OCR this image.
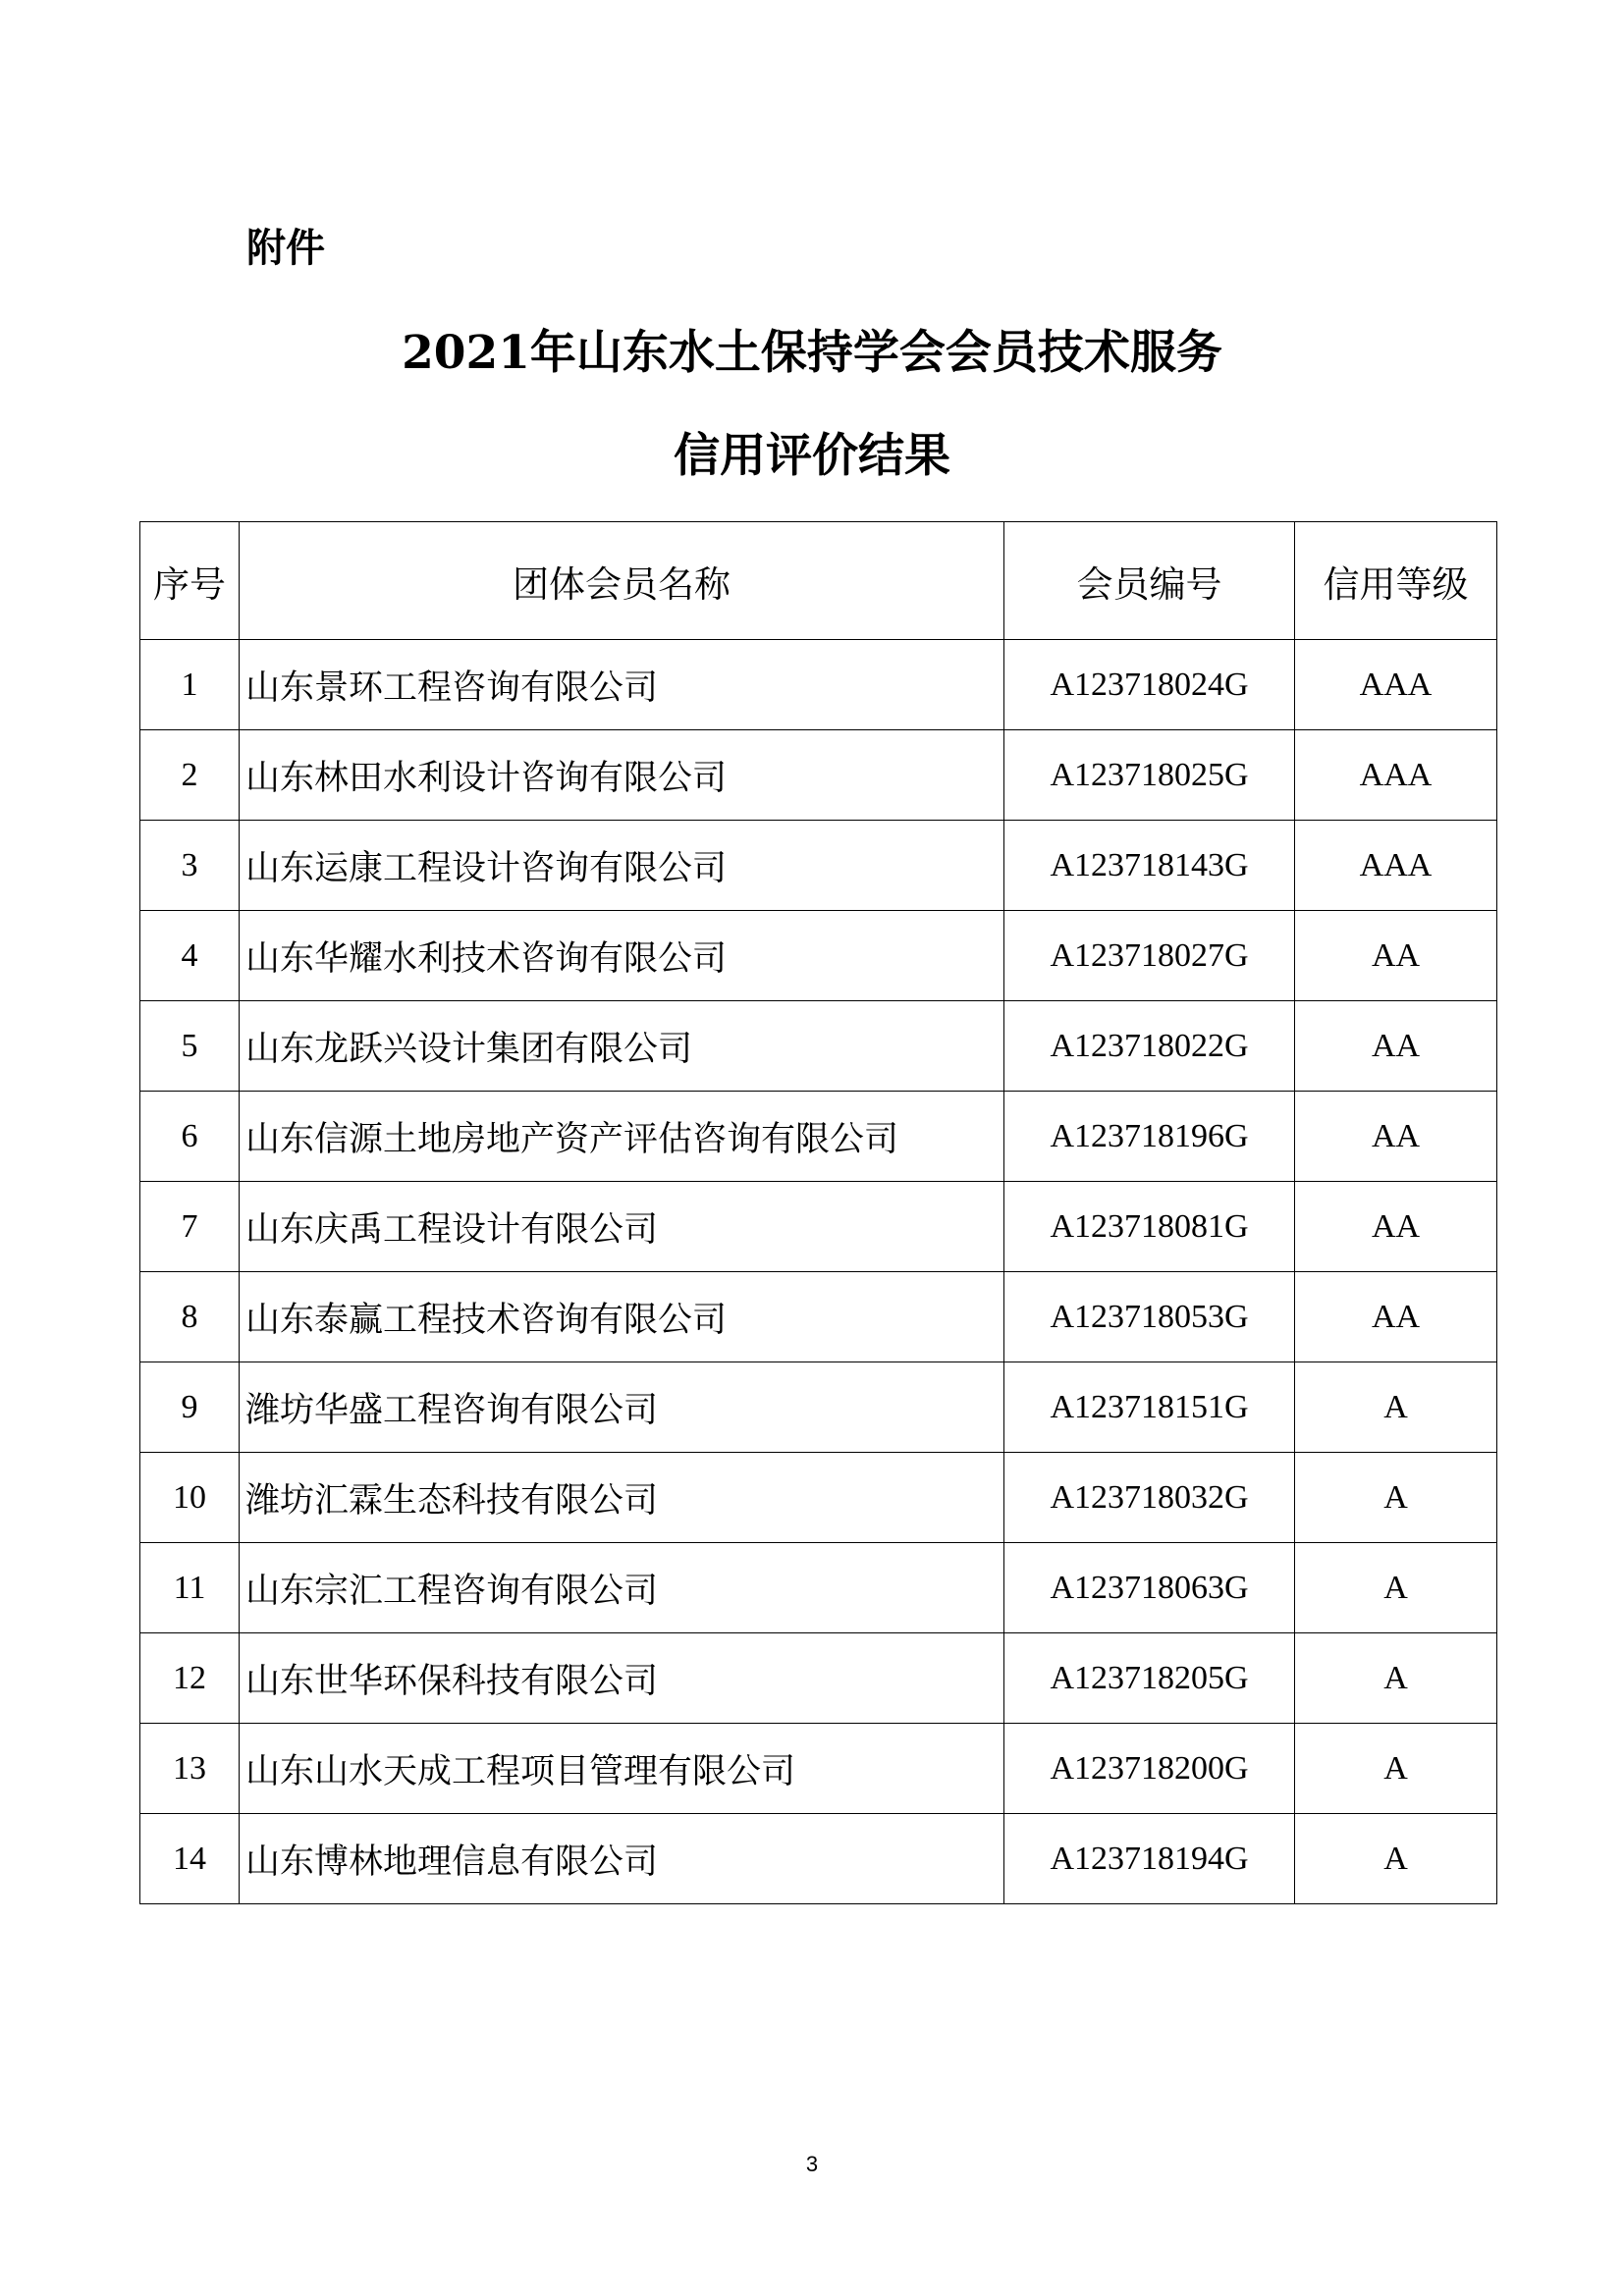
附件
2021年山东水土保持学会会员技术服务
信用评价结果
序号	团体会员名称	会员编号	信用等级
1	山东景环工程咨询有限公司	A123718024G	AAA
2	山东林田水利设计咨询有限公司	A123718025G	AAA
3	山东运康工程设计咨询有限公司	A123718143G	AAA
4	山东华耀水利技术咨询有限公司	A123718027G	AA
5	山东龙跃兴设计集团有限公司	A123718022G	AA
6	山东信源土地房地产资产评估咨询有限公司	A123718196G	AA
7	山东庆禹工程设计有限公司	A123718081G	AA
8	山东泰赢工程技术咨询有限公司	A123718053G	AA
9	潍坊华盛工程咨询有限公司	A123718151G	A
10	潍坊汇霖生态科技有限公司	A123718032G	A
11	山东宗汇工程咨询有限公司	A123718063G	A
12	山东世华环保科技有限公司	A123718205G	A
13	山东山水天成工程项目管理有限公司	A123718200G	A
14	山东博林地理信息有限公司	A123718194G	A
3
